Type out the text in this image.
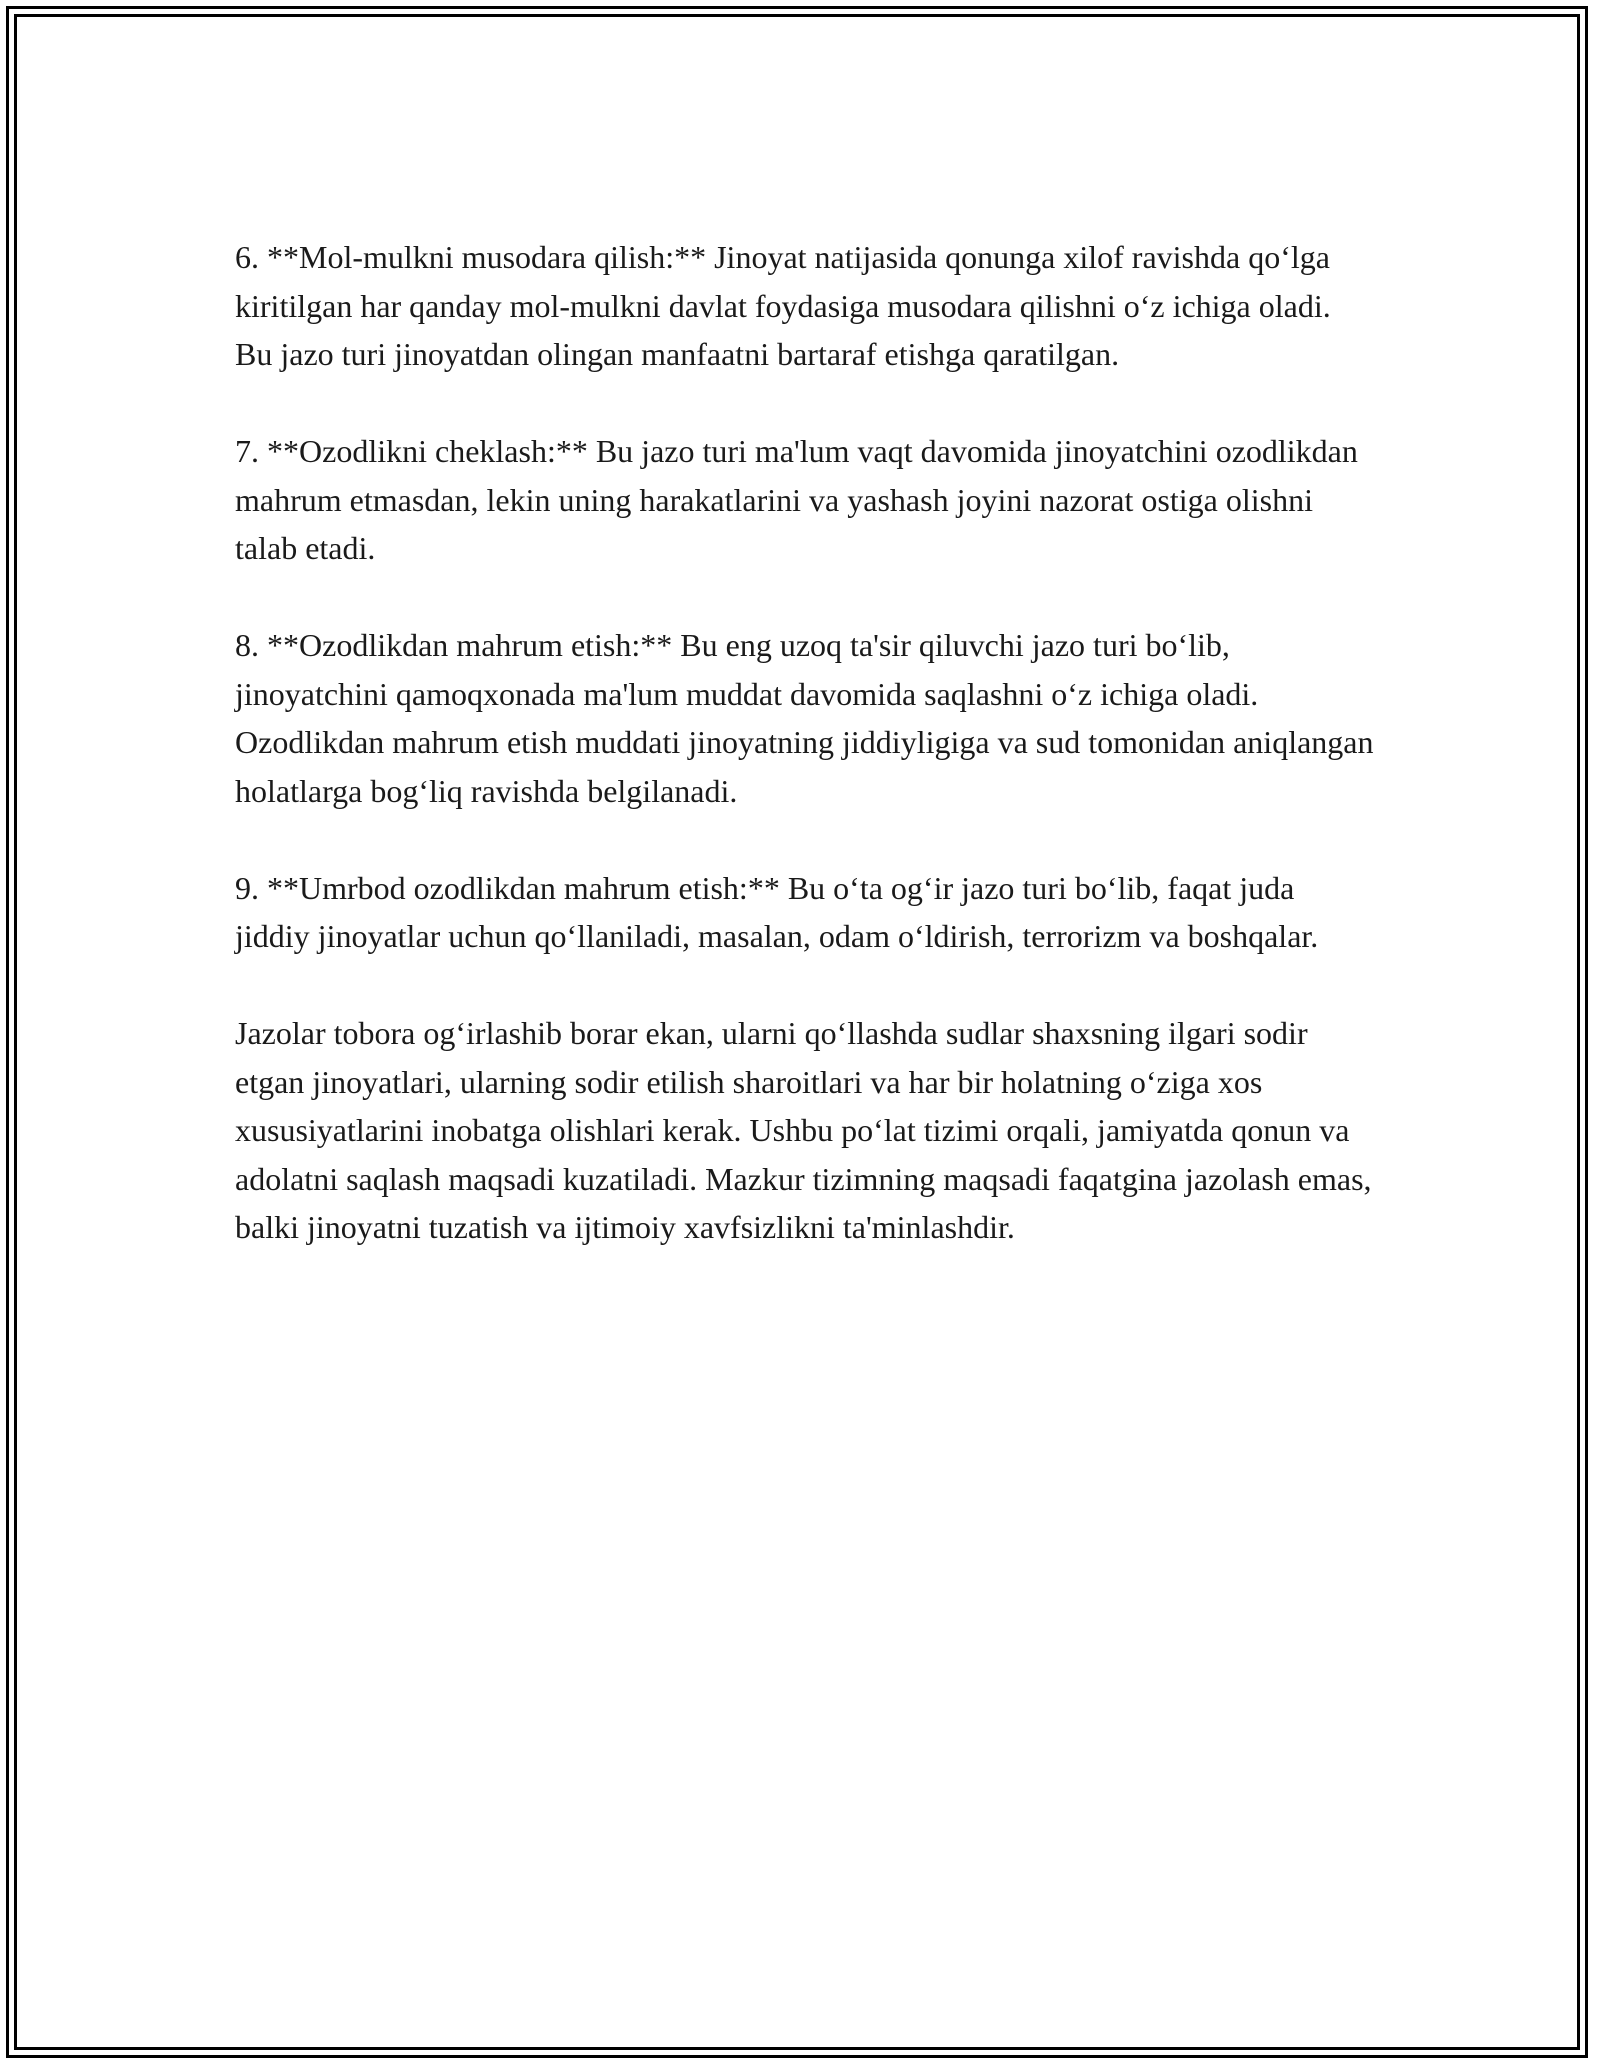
6. **Mol-mulkni musodara qilish:** Jinoyat natijasida qonunga xilof ravishda qoʻlga kiritilgan har qanday mol-mulkni davlat foydasiga musodara qilishni oʻz ichiga oladi. Bu jazo turi jinoyatdan olingan manfaatni bartaraf etishga qaratilgan.

7. **Ozodlikni cheklash:** Bu jazo turi ma'lum vaqt davomida jinoyatchini ozodlikdan mahrum etmasdan, lekin uning harakatlarini va yashash joyini nazorat ostiga olishni talab etadi.

8. **Ozodlikdan mahrum etish:** Bu eng uzoq ta'sir qiluvchi jazo turi boʻlib, jinoyatchini qamoqxonada ma'lum muddat davomida saqlashni oʻz ichiga oladi. Ozodlikdan mahrum etish muddati jinoyatning jiddiyligiga va sud tomonidan aniqlangan holatlarga bogʻliq ravishda belgilanadi.

9. **Umrbod ozodlikdan mahrum etish:** Bu oʻta ogʻir jazo turi boʻlib, faqat juda jiddiy jinoyatlar uchun qoʻllaniladi, masalan, odam oʻldirish, terrorizm va boshqalar.

Jazolar tobora ogʻirlashib borar ekan, ularni qoʻllashda sudlar shaxsning ilgari sodir etgan jinoyatlari, ularning sodir etilish sharoitlari va har bir holatning oʻziga xos xususiyatlarini inobatga olishlari kerak. Ushbu poʻlat tizimi orqali, jamiyatda qonun va adolatni saqlash maqsadi kuzatiladi. Mazkur tizimning maqsadi faqatgina jazolash emas, balki jinoyatni tuzatish va ijtimoiy xavfsizlikni ta'minlashdir.
